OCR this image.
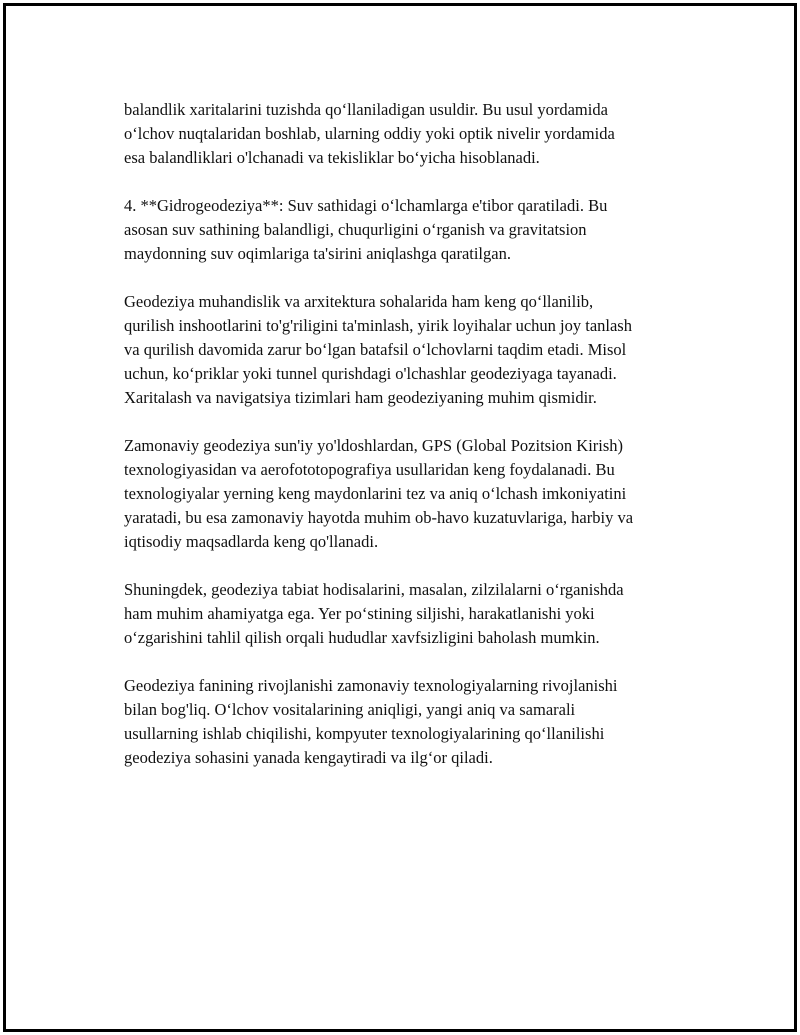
balandlik xaritalarini tuzishda qo‘llaniladigan usuldir. Bu usul yordamida
o‘lchov nuqtalaridan boshlab, ularning oddiy yoki optik nivelir yordamida
esa balandliklari o'lchanadi va tekisliklar bo‘yicha hisoblanadi.

4. **Gidrogeodeziya**: Suv sathidagi o‘lchamlarga e'tibor qaratiladi. Bu
asosan suv sathining balandligi, chuqurligini o‘rganish va gravitatsion
maydonning suv oqimlariga ta'sirini aniqlashga qaratilgan.

Geodeziya muhandislik va arxitektura sohalarida ham keng qo‘llanilib,
qurilish inshootlarini to'g'riligini ta'minlash, yirik loyihalar uchun joy tanlash
va qurilish davomida zarur bo‘lgan batafsil o‘lchovlarni taqdim etadi. Misol
uchun, ko‘priklar yoki tunnel qurishdagi o'lchashlar geodeziyaga tayanadi.
Xaritalash va navigatsiya tizimlari ham geodeziyaning muhim qismidir.

Zamonaviy geodeziya sun'iy yo'ldoshlardan, GPS (Global Pozitsion Kirish)
texnologiyasidan va aerofototopografiya usullaridan keng foydalanadi. Bu
texnologiyalar yerning keng maydonlarini tez va aniq o‘lchash imkoniyatini
yaratadi, bu esa zamonaviy hayotda muhim ob-havo kuzatuvlariga, harbiy va
iqtisodiy maqsadlarda keng qo'llanadi.

Shuningdek, geodeziya tabiat hodisalarini, masalan, zilzilalarni o‘rganishda
ham muhim ahamiyatga ega. Yer po‘stining siljishi, harakatlanishi yoki
o‘zgarishini tahlil qilish orqali hududlar xavfsizligini baholash mumkin.

Geodeziya fanining rivojlanishi zamonaviy texnologiyalarning rivojlanishi
bilan bog'liq. O‘lchov vositalarining aniqligi, yangi aniq va samarali
usullarning ishlab chiqilishi, kompyuter texnologiyalarining qo‘llanilishi
geodeziya sohasini yanada kengaytiradi va ilg‘or qiladi.
